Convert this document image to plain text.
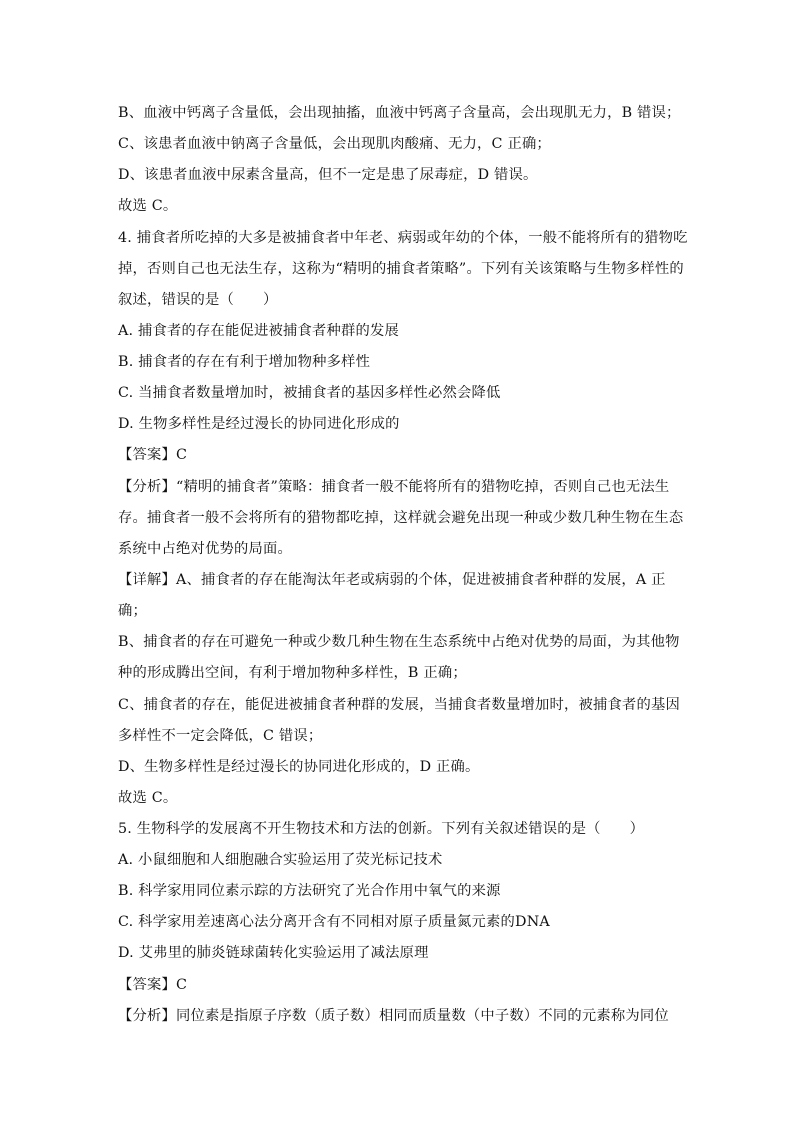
B、血液中钙离子含量低，会出现抽搐，血液中钙离子含量高，会出现肌无力，B 错误；
C、该患者血液中钠离子含量低，会出现肌肉酸痛、无力，C 正确；
D、该患者血液中尿素含量高，但不一定是患了尿毒症，D 错误。
故选 C。
4. 捕食者所吃掉的大多是被捕食者中年老、病弱或年幼的个体，一般不能将所有的猎物吃
掉，否则自己也无法生存，这称为“精明的捕食者策略”。下列有关该策略与生物多样性的
叙述，错误的是（　　）
A. 捕食者的存在能促进被捕食者种群的发展
B. 捕食者的存在有利于增加物种多样性
C. 当捕食者数量增加时，被捕食者的基因多样性必然会降低
D. 生物多样性是经过漫长的协同进化形成的
【答案】C
【分析】“精明的捕食者”策略：捕食者一般不能将所有的猎物吃掉，否则自己也无法生
存。捕食者一般不会将所有的猎物都吃掉，这样就会避免出现一种或少数几种生物在生态
系统中占绝对优势的局面。
【详解】A、捕食者的存在能淘汰年老或病弱的个体，促进被捕食者种群的发展，A 正
确；
B、捕食者的存在可避免一种或少数几种生物在生态系统中占绝对优势的局面，为其他物
种的形成腾出空间，有利于增加物种多样性，B 正确；
C、捕食者的存在，能促进被捕食者种群的发展，当捕食者数量增加时，被捕食者的基因
多样性不一定会降低，C 错误；
D、生物多样性是经过漫长的协同进化形成的，D 正确。
故选 C。
5. 生物科学的发展离不开生物技术和方法的创新。下列有关叙述错误的是（　　）
A. 小鼠细胞和人细胞融合实验运用了荧光标记技术
B. 科学家用同位素示踪的方法研究了光合作用中氧气的来源
C. 科学家用差速离心法分离开含有不同相对原子质量氮元素的DNA
D. 艾弗里的肺炎链球菌转化实验运用了减法原理
【答案】C
【分析】同位素是指原子序数（质子数）相同而质量数（中子数）不同的元素称为同位
